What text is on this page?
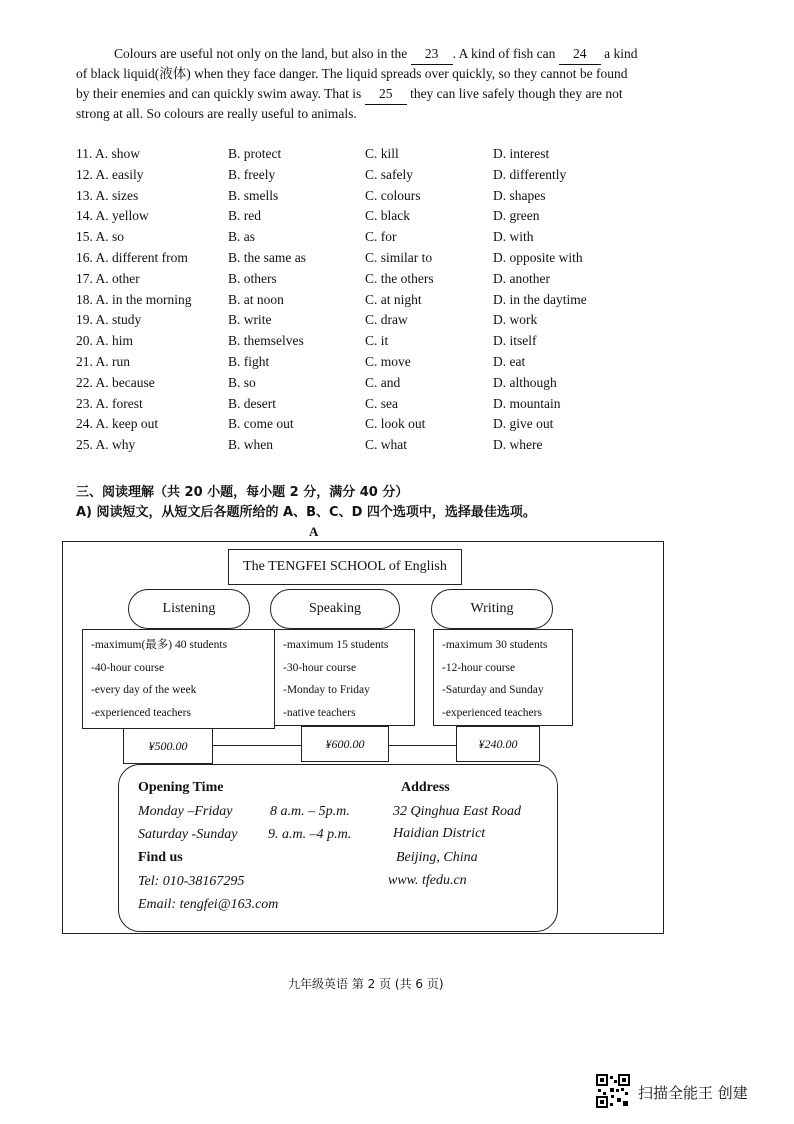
Colours are useful not only on the land, but also in the 23 . A kind of fish can 24 a kind
of black liquid(液体) when they face danger. The liquid spreads over quickly, so they cannot be found
by their enemies and can quickly swim away. That is 25 they can live safely though they are not
strong at all. So colours are really useful to animals.
11. A. show	B. protect	C. kill	D. interest
12. A. easily	B. freely	C. safely	D. differently
13. A. sizes	B. smells	C. colours	D. shapes
14. A. yellow	B. red	C. black	D. green
15. A. so	B. as	C. for	D. with
16. A. different from	B. the same as	C. similar to	D. opposite with
17. A. other	B. others	C. the others	D. another
18. A. in the morning	B. at noon	C. at night	D. in the daytime
19. A. study	B. write	C. draw	D. work
20. A. him	B. themselves	C. it	D. itself
21. A. run	B. fight	C. move	D. eat
22. A. because	B. so	C. and	D. although
23. A. forest	B. desert	C. sea	D. mountain
24. A. keep out	B. come out	C. look out	D. give out
25. A. why	B. when	C. what	D. where
三、阅读理解（共 20 小题，每小题 2 分，满分 40 分）
A) 阅读短文，从短文后各题所给的 A、B、C、D 四个选项中，选择最佳选项。
A
The TENGFEI SCHOOL of English
Listening	Speaking	Writing
-maximum(最多) 40 students
-40-hour course
-every day of the week
-experienced teachers
-maximum 15 students
-30-hour course
-Monday to Friday
-native teachers
-maximum 30 students
-12-hour course
-Saturday and Sunday
-experienced teachers
¥500.00	¥600.00	¥240.00
Opening Time
Monday –Friday	8 a.m. – 5p.m.
Saturday -Sunday 9. a.m. –4 p.m.
Find us
Tel: 010-38167295
Email: tengfei@163.com
Address
32 Qinghua East Road
Haidian District
Beijing, China
www. tfedu.cn
九年级英语 第 2 页 (共 6 页)
扫描全能王 创建
